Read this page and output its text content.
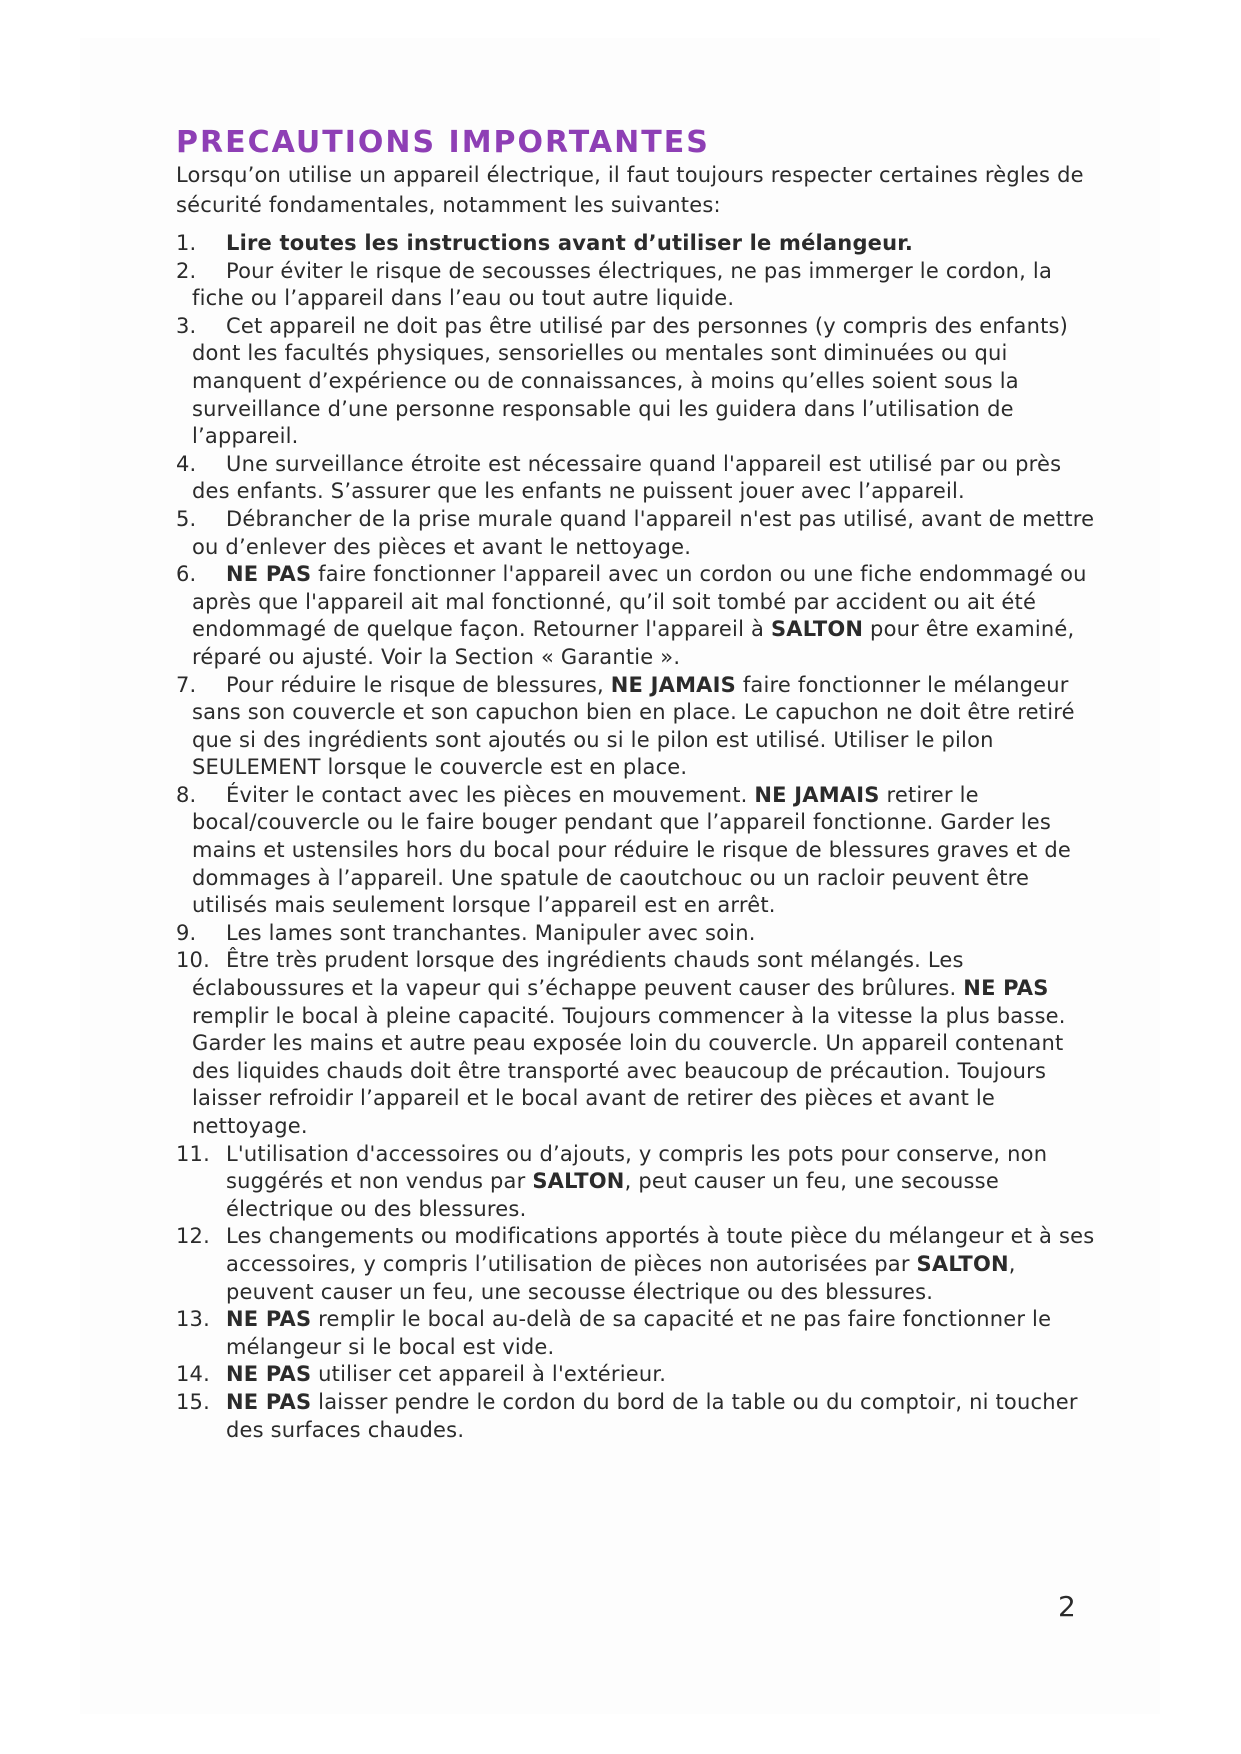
PRECAUTIONS IMPORTANTES

Lorsqu’on utilise un appareil électrique, il faut toujours respecter certaines règles de sécurité fondamentales, notamment les suivantes:

1. Lire toutes les instructions avant d’utiliser le mélangeur.
2. Pour éviter le risque de secousses électriques, ne pas immerger le cordon, la fiche ou l’appareil dans l’eau ou tout autre liquide.
3. Cet appareil ne doit pas être utilisé par des personnes (y compris des enfants) dont les facultés physiques, sensorielles ou mentales sont diminuées ou qui manquent d’expérience ou de connaissances, à moins qu’elles soient sous la surveillance d’une personne responsable qui les guidera dans l’utilisation de l’appareil.
4. Une surveillance étroite est nécessaire quand l'appareil est utilisé par ou près des enfants. S’assurer que les enfants ne puissent jouer avec l’appareil.
5. Débrancher de la prise murale quand l'appareil n'est pas utilisé, avant de mettre ou d’enlever des pièces et avant le nettoyage.
6. NE PAS faire fonctionner l'appareil avec un cordon ou une fiche endommagé ou après que l'appareil ait mal fonctionné, qu’il soit tombé par accident ou ait été endommagé de quelque façon. Retourner l'appareil à SALTON pour être examiné, réparé ou ajusté. Voir la Section « Garantie ».
7. Pour réduire le risque de blessures, NE JAMAIS faire fonctionner le mélangeur sans son couvercle et son capuchon bien en place. Le capuchon ne doit être retiré que si des ingrédients sont ajoutés ou si le pilon est utilisé. Utiliser le pilon SEULEMENT lorsque le couvercle est en place.
8. Éviter le contact avec les pièces en mouvement. NE JAMAIS retirer le bocal/couvercle ou le faire bouger pendant que l’appareil fonctionne. Garder les mains et ustensiles hors du bocal pour réduire le risque de blessures graves et de dommages à l’appareil. Une spatule de caoutchouc ou un racloir peuvent être utilisés mais seulement lorsque l’appareil est en arrêt.
9. Les lames sont tranchantes. Manipuler avec soin.
10. Être très prudent lorsque des ingrédients chauds sont mélangés. Les éclaboussures et la vapeur qui s’échappe peuvent causer des brûlures. NE PAS remplir le bocal à pleine capacité. Toujours commencer à la vitesse la plus basse. Garder les mains et autre peau exposée loin du couvercle. Un appareil contenant des liquides chauds doit être transporté avec beaucoup de précaution. Toujours laisser refroidir l’appareil et le bocal avant de retirer des pièces et avant le nettoyage.
11. L'utilisation d'accessoires ou d’ajouts, y compris les pots pour conserve, non suggérés et non vendus par SALTON, peut causer un feu, une secousse électrique ou des blessures.
12. Les changements ou modifications apportés à toute pièce du mélangeur et à ses accessoires, y compris l’utilisation de pièces non autorisées par SALTON, peuvent causer un feu, une secousse électrique ou des blessures.
13. NE PAS remplir le bocal au-delà de sa capacité et ne pas faire fonctionner le mélangeur si le bocal est vide.
14. NE PAS utiliser cet appareil à l'extérieur.
15. NE PAS laisser pendre le cordon du bord de la table ou du comptoir, ni toucher des surfaces chaudes.
2
